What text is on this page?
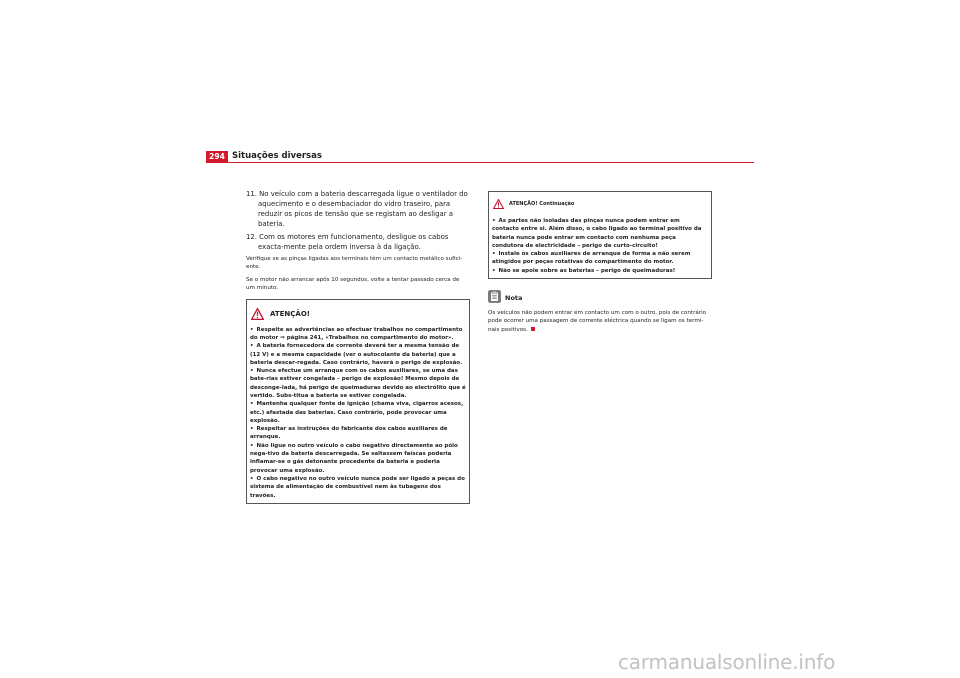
294 Situações diversas

11. No veículo com a bateria descarregada ligue o ventilador do aquecimento e o desembaciador do vidro traseiro, para reduzir os picos de tensão que se registam ao desligar a bateria.

12. Com os motores em funcionamento, desligue os cabos exacta-mente pela ordem inversa à da ligação.

Verifique se as pinças ligadas aos terminais têm um contacto metálico sufici-ente.

Se o motor não arrancar após 10 segundos, volte a tentar passado cerca de um minuto.

ATENÇÃO!

• Respeite as advertências ao efectuar trabalhos no compartimento do motor ⇒ página 241, «Trabalhos no compartimento do motor».

• A bateria fornecedora de corrente deverá ter a mesma tensão de (12 V) e a mesma capacidade (ver o autocolante da bateria) que a bateria descar-regada. Caso contrário, haverá o perigo de explosão.

• Nunca efectue um arranque com os cabos auxiliares, se uma das bate-rias estiver congelada – perigo de explosão! Mesmo depois de desconge-lada, há perigo de queimaduras devido ao electrólito que é vertido. Subs-titua a bateria se estiver congelada.

• Mantenha qualquer fonte de ignição (chama viva, cigarros acesos, etc.) afastada das baterias. Caso contrário, pode provocar uma explosão.

• Respeitar as instruções do fabricante dos cabos auxiliares de arranque.

• Não ligue no outro veículo o cabo negativo directamente ao pólo nega-tivo da bateria descarregada. Se saltassem faíscas poderia inflamar-se o gás detonante procedente da bateria e poderia provocar uma explosão.

• O cabo negativo no outro veículo nunca pode ser ligado a peças do sistema de alimentação de combustível nem às tubagens dos travões.

ATENÇÃO! Continuação

• As partes não isoladas das pinças nunca podem entrar em contacto entre si. Além disso, o cabo ligado ao terminal positivo da bateria nunca pode entrar em contacto com nenhuma peça condutora de electricidade – perigo de curto-circuito!

• Instale os cabos auxiliares de arranque de forma a não serem atingidos por peças rotativas do compartimento do motor.

• Não se apoie sobre as baterias – perigo de queimaduras!

Nota

Os veículos não podem entrar em contacto um com o outro, pois de contrário pode ocorrer uma passagem de corrente eléctrica quando se ligam os termi-nais positivos.

carmanualsonline.info
